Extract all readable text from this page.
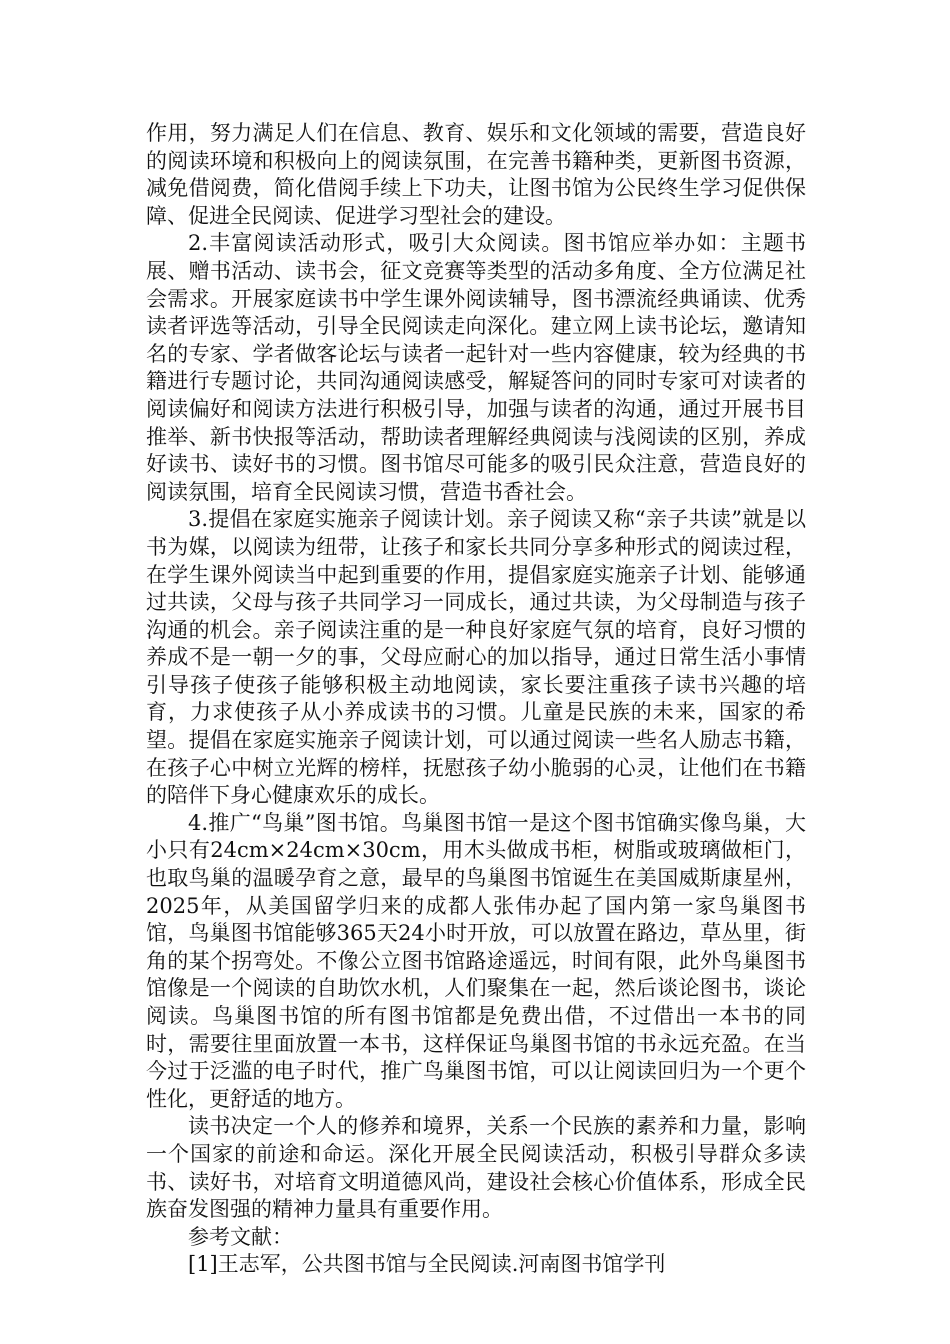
作用，努力满足人们在信息、教育、娱乐和文化领域的需要，营造良好的阅读环境和积极向上的阅读氛围，在完善书籍种类，更新图书资源，减免借阅费，简化借阅手续上下功夫，让图书馆为公民终生学习促供保障、促进全民阅读、促进学习型社会的建设。

2.丰富阅读活动形式，吸引大众阅读。图书馆应举办如：主题书展、赠书活动、读书会，征文竞赛等类型的活动多角度、全方位满足社会需求。开展家庭读书中学生课外阅读辅导，图书漂流经典诵读、优秀读者评选等活动，引导全民阅读走向深化。建立网上读书论坛，邀请知名的专家、学者做客论坛与读者一起针对一些内容健康，较为经典的书籍进行专题讨论，共同沟通阅读感受，解疑答问的同时专家可对读者的阅读偏好和阅读方法进行积极引导，加强与读者的沟通，通过开展书目推举、新书快报等活动，帮助读者理解经典阅读与浅阅读的区别，养成好读书、读好书的习惯。图书馆尽可能多的吸引民众注意，营造良好的阅读氛围，培育全民阅读习惯，营造书香社会。

3.提倡在家庭实施亲子阅读计划。亲子阅读又称“亲子共读”就是以书为媒，以阅读为纽带，让孩子和家长共同分享多种形式的阅读过程，在学生课外阅读当中起到重要的作用，提倡家庭实施亲子计划、能够通过共读，父母与孩子共同学习一同成长，通过共读，为父母制造与孩子沟通的机会。亲子阅读注重的是一种良好家庭气氛的培育，良好习惯的养成不是一朝一夕的事，父母应耐心的加以指导，通过日常生活小事情引导孩子使孩子能够积极主动地阅读，家长要注重孩子读书兴趣的培育，力求使孩子从小养成读书的习惯。儿童是民族的未来，国家的希望。提倡在家庭实施亲子阅读计划，可以通过阅读一些名人励志书籍，在孩子心中树立光辉的榜样，抚慰孩子幼小脆弱的心灵，让他们在书籍的陪伴下身心健康欢乐的成长。

4.推广“鸟巢”图书馆。鸟巢图书馆一是这个图书馆确实像鸟巢，大小只有24cm×24cm×30cm，用木头做成书柜，树脂或玻璃做柜门，也取鸟巢的温暖孕育之意，最早的鸟巢图书馆诞生在美国威斯康星州，2025年，从美国留学归来的成都人张伟办起了国内第一家鸟巢图书馆，鸟巢图书馆能够365天24小时开放，可以放置在路边，草丛里，街角的某个拐弯处。不像公立图书馆路途遥远，时间有限，此外鸟巢图书馆像是一个阅读的自助饮水机，人们聚集在一起，然后谈论图书，谈论阅读。鸟巢图书馆的所有图书馆都是免费出借，不过借出一本书的同时，需要往里面放置一本书，这样保证鸟巢图书馆的书永远充盈。在当今过于泛滥的电子时代，推广鸟巢图书馆，可以让阅读回归为一个更个性化，更舒适的地方。

读书决定一个人的修养和境界，关系一个民族的素养和力量，影响一个国家的前途和命运。深化开展全民阅读活动，积极引导群众多读书、读好书，对培育文明道德风尚，建设社会核心价值体系，形成全民族奋发图强的精神力量具有重要作用。

参考文献：

[1]王志军，公共图书馆与全民阅读.河南图书馆学刊
